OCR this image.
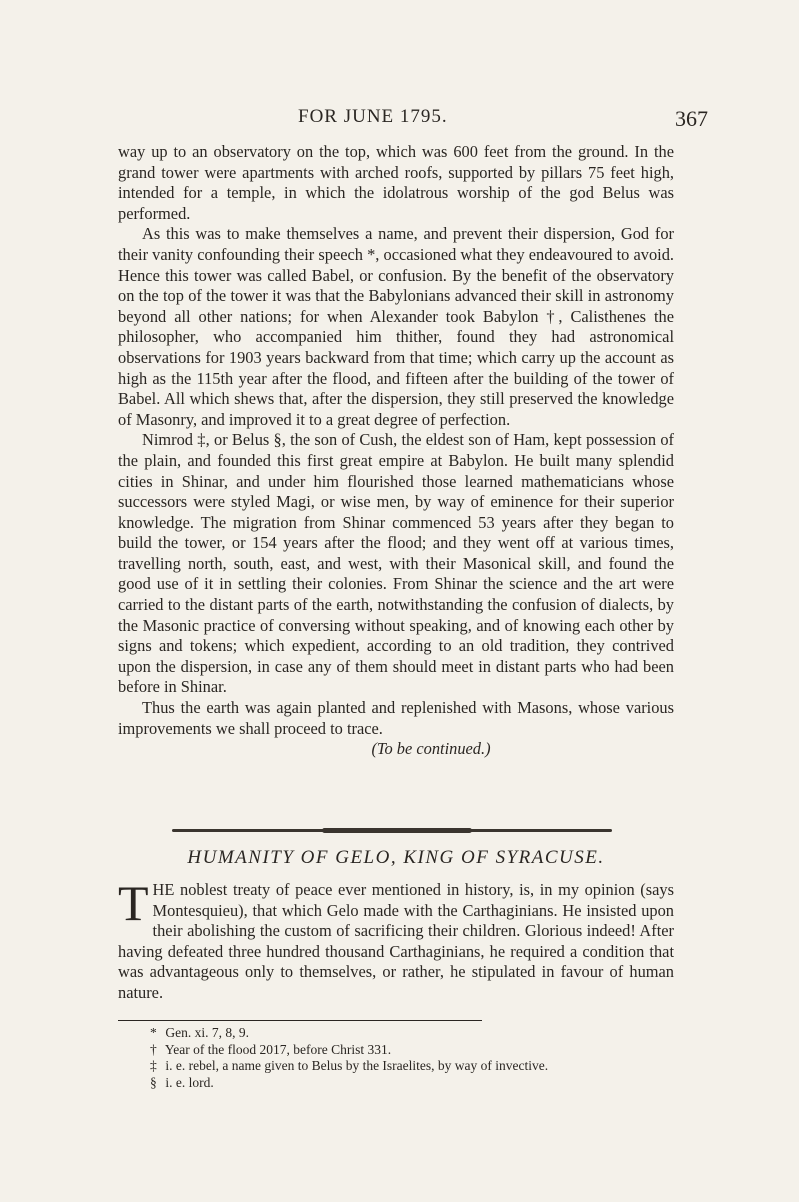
FOR JUNE 1795.	367

way up to an observatory on the top, which was 600 feet from the ground. In the grand tower were apartments with arched roofs, supported by pillars 75 feet high, intended for a temple, in which the idolatrous worship of the god Belus was performed.

As this was to make themselves a name, and prevent their dispersion, God for their vanity confounding their speech *, occasioned what they endeavoured to avoid. Hence this tower was called Babel, or confusion. By the benefit of the observatory on the top of the tower it was that the Babylonians advanced their skill in astronomy beyond all other nations; for when Alexander took Babylon †, Calisthenes the philosopher, who accompanied him thither, found they had astronomical observations for 1903 years backward from that time; which carry up the account as high as the 115th year after the flood, and fifteen after the building of the tower of Babel. All which shews that, after the dispersion, they still preserved the knowledge of Masonry, and improved it to a great degree of perfection.

Nimrod ‡, or Belus §, the son of Cush, the eldest son of Ham, kept possession of the plain, and founded this first great empire at Babylon. He built many splendid cities in Shinar, and under him flourished those learned mathematicians whose successors were styled Magi, or wise men, by way of eminence for their superior knowledge. The migration from Shinar commenced 53 years after they began to build the tower, or 154 years after the flood; and they went off at various times, travelling north, south, east, and west, with their Masonical skill, and found the good use of it in settling their colonies. From Shinar the science and the art were carried to the distant parts of the earth, notwithstanding the confusion of dialects, by the Masonic practice of conversing without speaking, and of knowing each other by signs and tokens; which expedient, according to an old tradition, they contrived upon the dispersion, in case any of them should meet in distant parts who had been before in Shinar.

Thus the earth was again planted and replenished with Masons, whose various improvements we shall proceed to trace.

(To be continued.)

HUMANITY OF GELO, KING OF SYRACUSE.
T HE noblest treaty of peace ever mentioned in history, is, in my opinion (says Montesquieu), that which Gelo made with the Carthaginians. He insisted upon their abolishing the custom of sacrificing their children. Glorious indeed! After having defeated three hundred thousand Carthaginians, he required a condition that was advantageous only to themselves, or rather, he stipulated in favour of human nature.
* Gen. xi. 7, 8, 9.
† Year of the flood 2017, before Christ 331.
‡ i. e. rebel, a name given to Belus by the Israelites, by way of invective.
§ i. e. lord.
